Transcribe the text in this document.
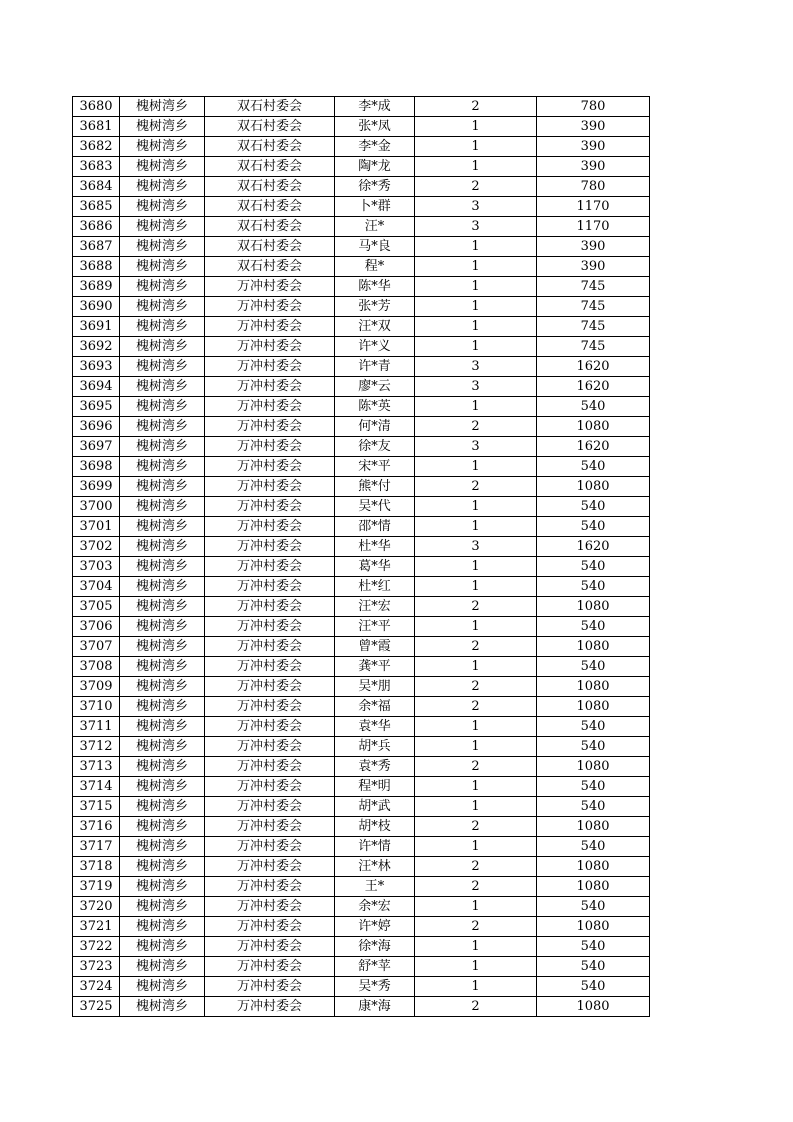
3680	槐树湾乡	双石村委会	李*成	2	780
3681	槐树湾乡	双石村委会	张*凤	1	390
3682	槐树湾乡	双石村委会	李*金	1	390
3683	槐树湾乡	双石村委会	陶*龙	1	390
3684	槐树湾乡	双石村委会	徐*秀	2	780
3685	槐树湾乡	双石村委会	卜*群	3	1170
3686	槐树湾乡	双石村委会	汪*	3	1170
3687	槐树湾乡	双石村委会	马*良	1	390
3688	槐树湾乡	双石村委会	程*	1	390
3689	槐树湾乡	万冲村委会	陈*华	1	745
3690	槐树湾乡	万冲村委会	张*芳	1	745
3691	槐树湾乡	万冲村委会	汪*双	1	745
3692	槐树湾乡	万冲村委会	许*义	1	745
3693	槐树湾乡	万冲村委会	许*青	3	1620
3694	槐树湾乡	万冲村委会	廖*云	3	1620
3695	槐树湾乡	万冲村委会	陈*英	1	540
3696	槐树湾乡	万冲村委会	何*清	2	1080
3697	槐树湾乡	万冲村委会	徐*友	3	1620
3698	槐树湾乡	万冲村委会	宋*平	1	540
3699	槐树湾乡	万冲村委会	熊*付	2	1080
3700	槐树湾乡	万冲村委会	吴*代	1	540
3701	槐树湾乡	万冲村委会	邵*情	1	540
3702	槐树湾乡	万冲村委会	杜*华	3	1620
3703	槐树湾乡	万冲村委会	葛*华	1	540
3704	槐树湾乡	万冲村委会	杜*红	1	540
3705	槐树湾乡	万冲村委会	汪*宏	2	1080
3706	槐树湾乡	万冲村委会	汪*平	1	540
3707	槐树湾乡	万冲村委会	曾*霞	2	1080
3708	槐树湾乡	万冲村委会	龚*平	1	540
3709	槐树湾乡	万冲村委会	吴*朋	2	1080
3710	槐树湾乡	万冲村委会	余*福	2	1080
3711	槐树湾乡	万冲村委会	袁*华	1	540
3712	槐树湾乡	万冲村委会	胡*兵	1	540
3713	槐树湾乡	万冲村委会	袁*秀	2	1080
3714	槐树湾乡	万冲村委会	程*明	1	540
3715	槐树湾乡	万冲村委会	胡*武	1	540
3716	槐树湾乡	万冲村委会	胡*枝	2	1080
3717	槐树湾乡	万冲村委会	许*情	1	540
3718	槐树湾乡	万冲村委会	汪*林	2	1080
3719	槐树湾乡	万冲村委会	王*	2	1080
3720	槐树湾乡	万冲村委会	余*宏	1	540
3721	槐树湾乡	万冲村委会	许*婷	2	1080
3722	槐树湾乡	万冲村委会	徐*海	1	540
3723	槐树湾乡	万冲村委会	舒*苹	1	540
3724	槐树湾乡	万冲村委会	吴*秀	1	540
3725	槐树湾乡	万冲村委会	康*海	2	1080
